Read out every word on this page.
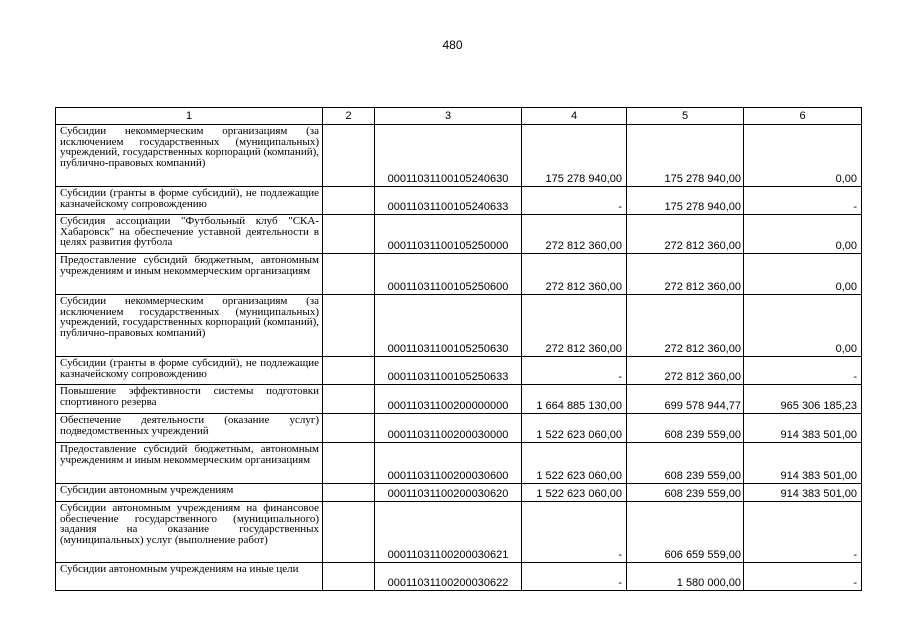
480
1	2	3	4	5	6
Субсидии некоммерческим организациям (за исключением государственных (муниципальных) учреждений, государственных корпораций (компаний), публично-правовых компаний)		00011031100105240630	175 278 940,00	175 278 940,00	0,00
Субсидии (гранты в форме субсидий), не подлежащие казначейскому сопровождению		00011031100105240633	-	175 278 940,00	-
Субсидия ассоциации "Футбольный клуб "СКА-Хабаровск" на обеспечение уставной деятельности в целях развития футбола		00011031100105250000	272 812 360,00	272 812 360,00	0,00
Предоставление субсидий бюджетным, автономным учреждениям и иным некоммерческим организациям		00011031100105250600	272 812 360,00	272 812 360,00	0,00
Субсидии некоммерческим организациям (за исключением государственных (муниципальных) учреждений, государственных корпораций (компаний), публично-правовых компаний)		00011031100105250630	272 812 360,00	272 812 360,00	0,00
Субсидии (гранты в форме субсидий), не подлежащие казначейскому сопровождению		00011031100105250633	-	272 812 360,00	-
Повышение эффективности системы подготовки спортивного резерва		00011031100200000000	1 664 885 130,00	699 578 944,77	965 306 185,23
Обеспечение деятельности (оказание услуг) подведомственных учреждений		00011031100200030000	1 522 623 060,00	608 239 559,00	914 383 501,00
Предоставление субсидий бюджетным, автономным учреждениям и иным некоммерческим организациям		00011031100200030600	1 522 623 060,00	608 239 559,00	914 383 501,00
Субсидии автономным учреждениям		00011031100200030620	1 522 623 060,00	608 239 559,00	914 383 501,00
Субсидии автономным учреждениям на финансовое обеспечение государственного (муниципального) задания на оказание государственных (муниципальных) услуг (выполнение работ)		00011031100200030621	-	606 659 559,00	-
Субсидии автономным учреждениям на иные цели		00011031100200030622	-	1 580 000,00	-
